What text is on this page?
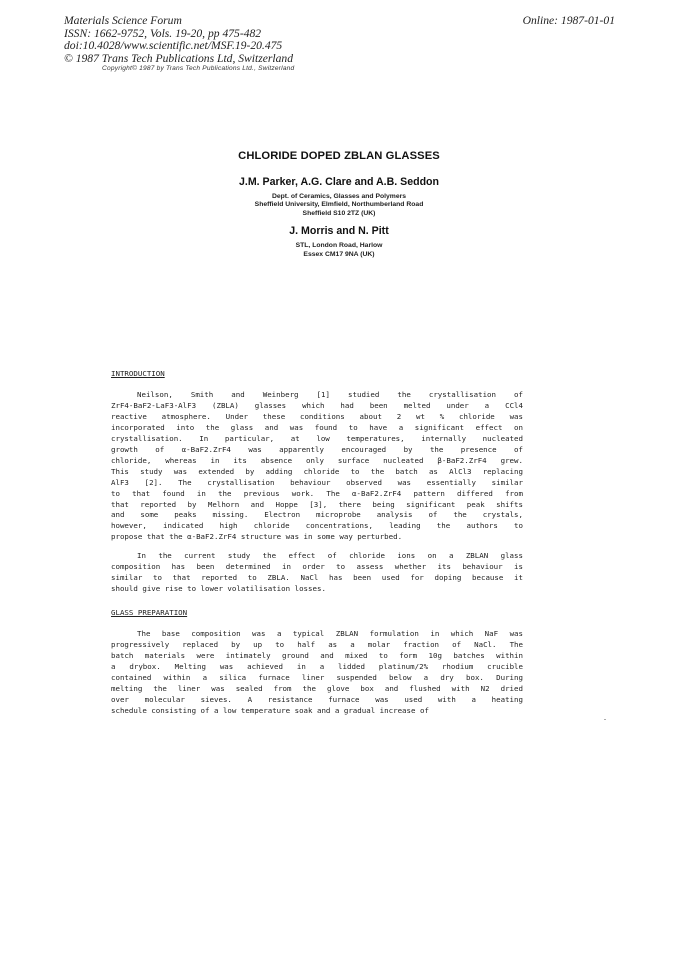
Materials Science Forum
ISSN: 1662-9752, Vols. 19-20, pp 475-482
doi:10.4028/www.scientific.net/MSF.19-20.475
© 1987 Trans Tech Publications Ltd, Switzerland
Online: 1987-01-01
Copyright© 1987 by Trans Tech Publications Ltd., Switzerland
CHLORIDE DOPED ZBLAN GLASSES
J.M. Parker, A.G. Clare and A.B. Seddon
Dept. of Ceramics, Glasses and Polymers
Sheffield University, Elmfield, Northumberland Road
Sheffield S10 2TZ (UK)
J. Morris and N. Pitt
STL, London Road, Harlow
Essex CM17 9NA (UK)
INTRODUCTION
Neilson, Smith and Weinberg [1] studied the crystallisation of
ZrF4-BaF2-LaF3-AlF3 (ZBLA) glasses which had been melted under a CCl4
reactive atmosphere. Under these conditions about 2 wt % chloride was
incorporated into the glass and was found to have a significant effect on
crystallisation. In particular, at low temperatures, internally nucleated
growth of α-BaF2.ZrF4 was apparently encouraged by the presence of
chloride, whereas in its absence only surface nucleated β-BaF2.ZrF4 grew.
This study was extended by adding chloride to the batch as AlCl3 replacing
AlF3 [2]. The crystallisation behaviour observed was essentially similar
to that found in the previous work. The α-BaF2.ZrF4 pattern differed from
that reported by Melhorn and Hoppe [3], there being significant peak shifts
and some peaks missing. Electron microprobe analysis of the crystals,
however, indicated high chloride concentrations, leading the authors to
propose that the α-BaF2.ZrF4 structure was in some way perturbed.
In the current study the effect of chloride ions on a ZBLAN glass
composition has been determined in order to assess whether its behaviour is
similar to that reported to ZBLA. NaCl has been used for doping because it
should give rise to lower volatilisation losses.
GLASS PREPARATION
The base composition was a typical ZBLAN formulation in which NaF was
progressively replaced by up to half as a molar fraction of NaCl. The
batch materials were intimately ground and mixed to form 10g batches within
a drybox. Melting was achieved in a lidded platinum/2% rhodium crucible
contained within a silica furnace liner suspended below a dry box. During
melting the liner was sealed from the glove box and flushed with N2 dried
over molecular sieves. A resistance furnace was used with a heating
schedule consisting of a low temperature soak and a gradual increase of
